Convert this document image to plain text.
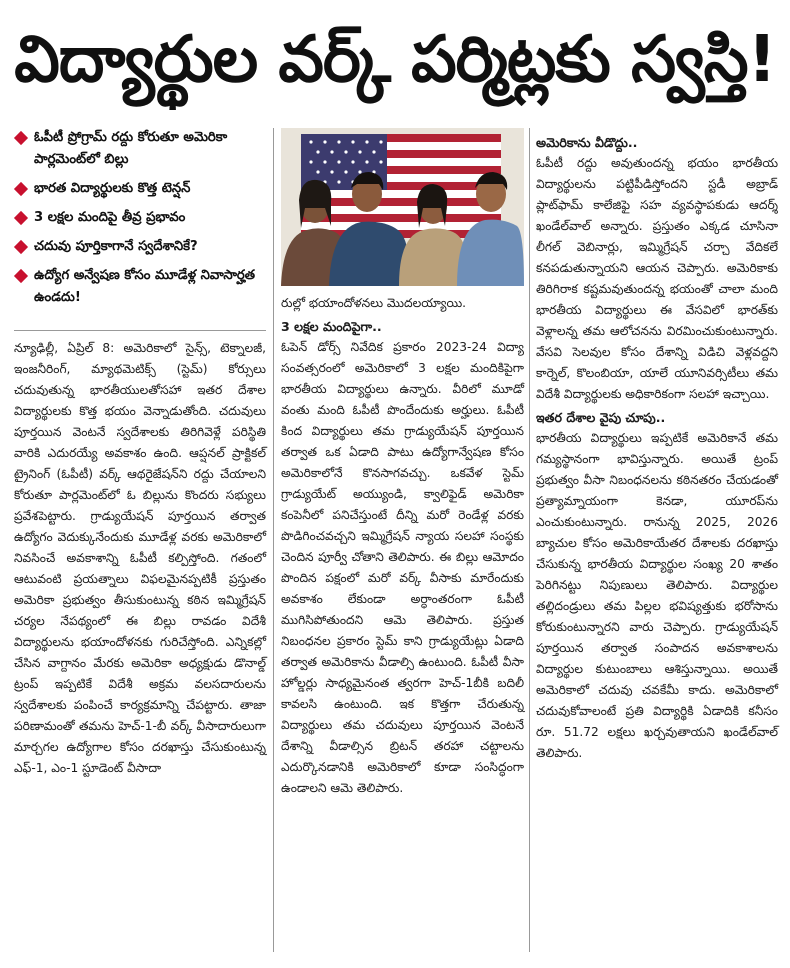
విద్యార్థుల వర్క్ పర్మిట్లకు స్వస్తి!
ఓపీటీ ప్రోగ్రామ్ రద్దు కోరుతూ అమెరికా పార్లమెంట్‌లో బిల్లు
భారత విద్యార్థులకు కొత్త టెన్షన్
3 లక్షల మందిపై తీవ్ర ప్రభావం
చదువు పూర్తికాగానే స్వదేశానికే?
ఉద్యోగ అన్వేషణ కోసం మూడేళ్ల నివాసార్హత ఉండదు!

న్యూఢిల్లీ, ఏప్రిల్ 8: అమెరికాలో సైన్స్, టెక్నాలజీ, ఇంజనీరింగ్, మ్యాథమెటిక్స్ (స్టెమ్) కోర్సులు చదువుతున్న భారతీయులతోసహా ఇతర దేశాల విద్యార్థులకు కొత్త భయం వెన్నాడుతోంది. చదువులు పూర్తయిన వెంటనే స్వదేశాలకు తిరిగివెళ్లే పరిస్థితి వారికి ఎదురయ్యే అవకాశం ఉంది. ఆప్షనల్ ప్రాక్టికల్ ట్రైనింగ్ (ఓపీటీ) వర్క్ ఆథరైజేషన్‌ని రద్దు చేయాలని కోరుతూ పార్లమెంట్‌లో ఓ బిల్లును కొందరు సభ్యులు ప్రవేశపెట్టారు. గ్రాడ్యుయేషన్ పూర్తయిన తర్వాత ఉద్యోగం వెదుక్కునేందుకు మూడేళ్ల వరకు అమెరికాలో నివసించే అవకాశాన్ని ఓపీటీ కల్పిస్తోంది. గతంలో ఆటువంటి ప్రయత్నాలు విఫలమైనప్పటికీ ప్రస్తుతం అమెరికా ప్రభుత్వం తీసుకుంటున్న కఠిన ఇమ్మిగ్రేషన్ చర్యల నేపథ్యంలో ఈ బిల్లు రావడం విదేశీ విద్యార్థులను భయాందోళనకు గురిచేస్తోంది. ఎన్నికల్లో చేసిన వాగ్దానం మేరకు అమెరికా అధ్యక్షుడు డొనాల్డ్ ట్రంప్ ఇప్పటికే విదేశీ అక్రమ వలసదారులను స్వదేశాలకు పంపించే కార్యక్రమాన్ని చేపట్టారు. తాజా పరిణామంతో తమను హెచ్-1-బీ వర్క్ వీసాదారులుగా మార్చగల ఉద్యోగాల కోసం దరఖాస్తు చేసుకుంటున్న ఎఫ్-1, ఎం-1 స్టూడెంట్ వీసాదా

రుల్లో భయాందోళనలు మొదలయ్యాయి.

3 లక్షల మందిపైగా..

ఓపెన్ డోర్స్ నివేదిక ప్రకారం 2023-24 విద్యా సంవత్సరంలో అమెరికాలో 3 లక్షల మందికిపైగా భారతీయ విద్యార్థులు ఉన్నారు. వీరిలో మూడో వంతు మంది ఓపీటీ పొందేందుకు అర్హులు. ఓపీటీ కింద విద్యార్థులు తమ గ్రాడ్యుయేషన్ పూర్తయిన తర్వాత ఒక ఏడాది పాటు ఉద్యోగాన్వేషణ కోసం అమెరికాలోనే కొనసాగవచ్చు. ఒకవేళ స్టెమ్ గ్రాడ్యుయేట్ అయ్యుండి, క్వాలిఫైడ్ అమెరికా కంపెనీలో పనిచేస్తుంటే దీన్ని మరో రెండేళ్ల వరకు పొడిగించవచ్చని ఇమ్మిగ్రేషన్ న్యాయ సలహా సంస్థకు చెందిన పూర్వీ చోతాని తెలిపారు. ఈ బిల్లు ఆమోదం పొందిన పక్షంలో మరో వర్క్ వీసాకు మారేందుకు అవకాశం లేకుండా అర్ధాంతరంగా ఓపీటీ ముగిసిపోతుందని ఆమె తెలిపారు. ప్రస్తుత నిబంధనల ప్రకారం స్టెమ్ కాని గ్రాడ్యుయేట్లు ఏడాది తర్వాత అమెరికాను వీడాల్సి ఉంటుంది. ఓపీటీ వీసా హోల్డర్లు సాధ్యమైనంత త్వరగా హెచ్-1బీకి బదిలీ కావలసి ఉంటుంది. ఇక కొత్తగా చేరుతున్న విద్యార్థులు తమ చదువులు పూర్తయిన వెంటనే దేశాన్ని వీడాల్సిన బ్రిటన్ తరహా చట్టాలను ఎదుర్కొనడానికి అమెరికాలో కూడా సంసిద్ధంగా ఉండాలని ఆమె తెలిపారు.

అమెరికాను వీడొద్దు..

ఓపీటీ రద్దు అవుతుందన్న భయం భారతీయ విద్యార్థులను పట్టిపీడిస్తోందని స్టడీ అబ్రాడ్ ప్లాట్‌ఫామ్ కాలేజిఫై సహ వ్యవస్థాపకుడు ఆదర్శ్ ఖండేల్‌వాల్ అన్నారు. ప్రస్తుతం ఎక్కడ చూసినా లీగల్ వెబినార్లు, ఇమ్మిగ్రేషన్ చర్చా వేదికలే కనపడుతున్నాయని ఆయన చెప్పారు. అమెరికాకు తిరిగిరాక కష్టమవుతుందన్న భయంతో చాలా మంది భారతీయ విద్యార్థులు ఈ వేసవిలో భారత్‌కు వెళ్లాలన్న తమ ఆలోచనను విరమించుకుంటున్నారు. వేసవి సెలవుల కోసం దేశాన్ని విడిచి వెళ్లవద్దని కార్నెల్, కొలంబియా, యాలే యూనివర్సిటీలు తమ విదేశీ విద్యార్థులకు అధికారికంగా సలహా ఇచ్చాయి.

ఇతర దేశాల వైపు చూపు..

భారతీయ విద్యార్థులు ఇప్పటికే అమెరికానే తమ గమ్యస్థానంగా భావిస్తున్నారు. అయితే ట్రంప్ ప్రభుత్వం వీసా నిబంధనలను కఠినతరం చేయడంతో ప్రత్యామ్నాయంగా కెనడా, యూరప్‌ను ఎంచుకుంటున్నారు. రానున్న 2025, 2026 బ్యాచుల కోసం అమెరికాయేతర దేశాలకు దరఖాస్తు చేసుకున్న భారతీయ విద్యార్థుల సంఖ్య 20 శాతం పెరిగినట్టు నిపుణులు తెలిపారు. విద్యార్థుల తల్లిదండ్రులు తమ పిల్లల భవిష్యత్తుకు భరోసాను కోరుకుంటున్నారని వారు చెప్పారు. గ్రాడ్యుయేషన్ పూర్తయిన తర్వాత సంపాదన అవకాశాలను విద్యార్థుల కుటుంబాలు ఆశిస్తున్నాయి. అయితే అమెరికాలో చదువు చవకేమీ కాదు. అమెరికాలో చదువుకోవాలంటే ప్రతి విద్యార్థికి ఏడాదికి కనీసం రూ. 51.72 లక్షలు ఖర్చవుతాయని ఖండేల్‌వాల్ తెలిపారు.
